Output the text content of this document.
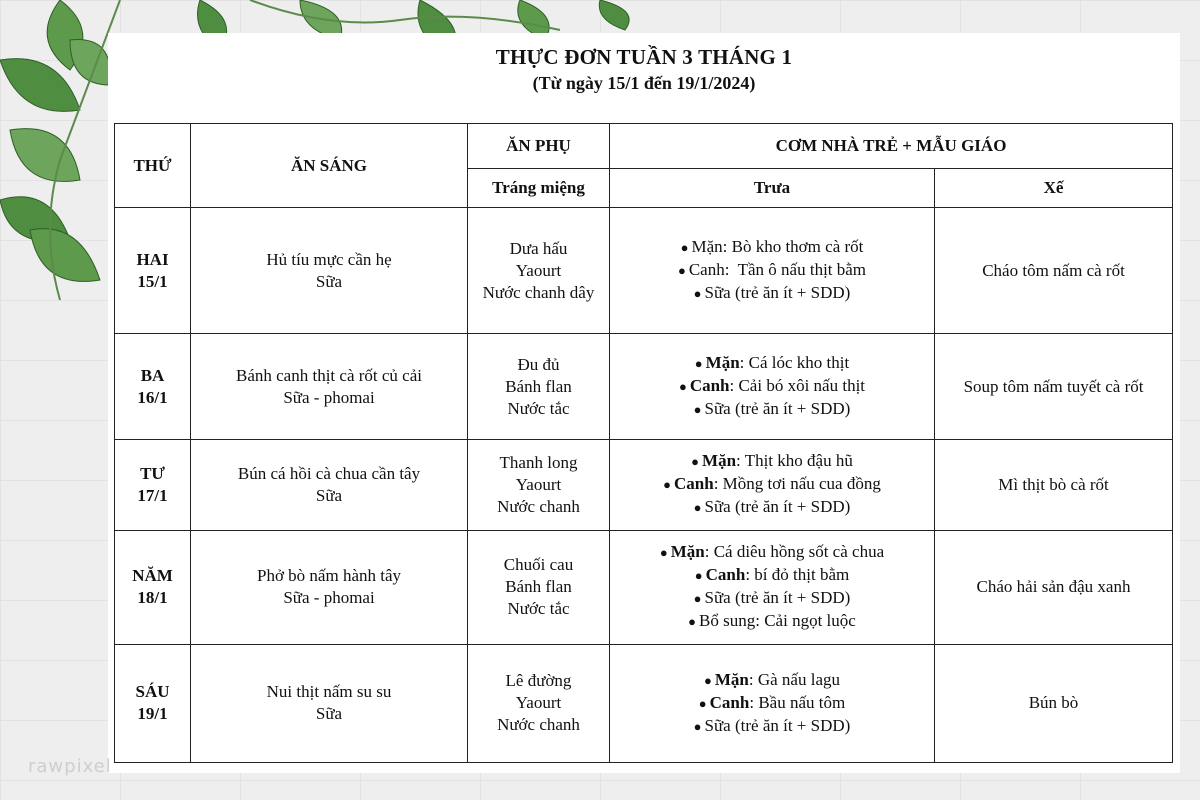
THỰC ĐƠN TUẦN 3 THÁNG 1
(Từ ngày 15/1 đến 19/1/2024)
THỨ	ĂN SÁNG	ĂN PHỤ	CƠM NHÀ TRẺ + MẪU GIÁO	
		Tráng miệng	Trưa	Xế

HAI
15/1	Hủ tíu mực cần hẹ
Sữa	Dưa hấu
Yaourt
Nước chanh dây	● Mặn: Bò kho thơm cà rốt
● Canh:  Tần ô nấu thịt bằm
● Sữa (trẻ ăn ít + SDD)	Cháo tôm nấm cà rốt

BA
16/1	Bánh canh thịt cà rốt củ cải
Sữa - phomai	Đu đủ
Bánh flan
Nước tắc	● Mặn: Cá lóc kho thịt
● Canh: Cải bó xôi nấu thịt
● Sữa (trẻ ăn ít + SDD)	Soup tôm nấm tuyết cà rốt

TƯ
17/1	Bún cá hồi cà chua cần tây
Sữa	Thanh long
Yaourt
Nước chanh	● Mặn: Thịt kho đậu hũ
● Canh: Mồng tơi nấu cua đồng
● Sữa (trẻ ăn ít + SDD)	Mì thịt bò cà rốt

NĂM
18/1	Phở bò nấm hành tây
Sữa - phomai	Chuối cau
Bánh flan
Nước tắc	● Mặn: Cá diêu hồng sốt cà chua
● Canh: bí đỏ thịt bằm
● Sữa (trẻ ăn ít + SDD)
● Bổ sung: Cải ngọt luộc	Cháo hải sản đậu xanh

SÁU
19/1	Nui thịt nấm su su
Sữa	Lê đường
Yaourt
Nước chanh	● Mặn: Gà nấu lagu
● Canh: Bầu nấu tôm
● Sữa (trẻ ăn ít + SDD)	Bún bò
rawpixel
